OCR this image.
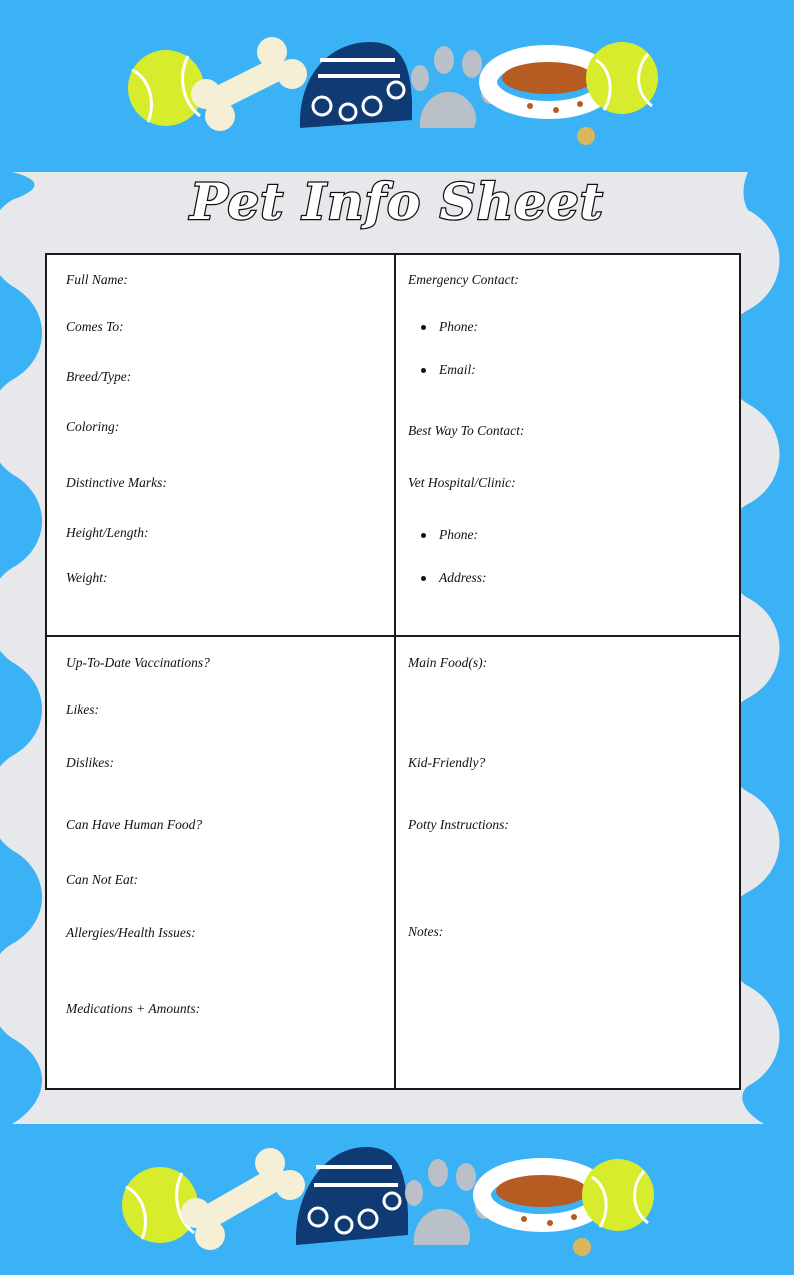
Pet Info Sheet
Full Name:
Comes To:
Breed/Type:
Coloring:
Distinctive Marks:
Height/Length:
Weight:
Emergency Contact:
Phone:
Email:
Best Way To Contact:
Vet Hospital/Clinic:
Phone:
Address:
Up-To-Date Vaccinations?
Likes:
Dislikes:
Can Have Human Food?
Can Not Eat:
Allergies/Health Issues:
Medications + Amounts:
Main Food(s):
Kid-Friendly?
Potty Instructions:
Notes:
